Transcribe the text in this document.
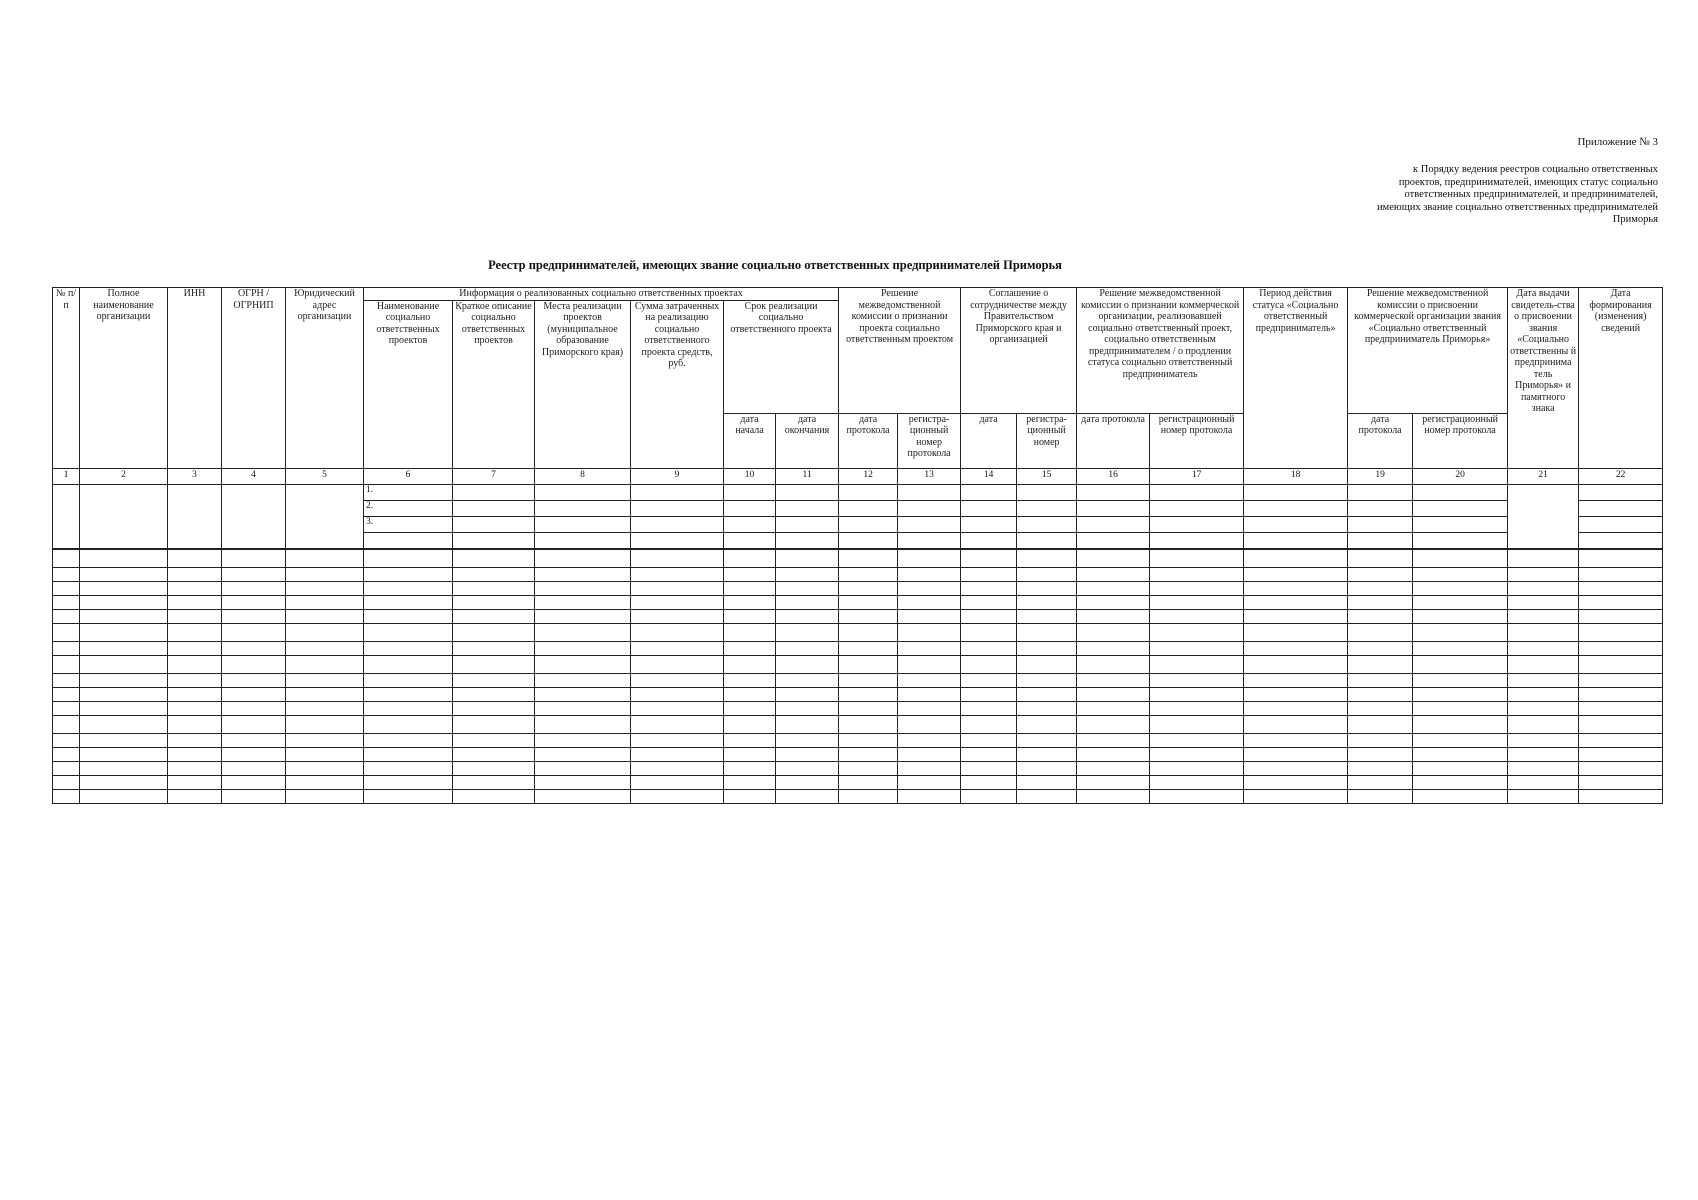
Приложение № 3
к Порядку ведения реестров социально ответственных
проектов, предпринимателей, имеющих статус социально
ответственных предпринимателей, и предпринимателей,
имеющих звание социально ответственных предпринимателей
Приморья
Реестр предпринимателей, имеющих звание социально ответственных предпринимателей Приморья
№ п/п	Полное наименование организации	ИНН	ОГРН / ОГРНИП	Юридический адрес организации	Информация о реализованных социально ответственных проектах						Решение межведомственной комиссии о признании проекта социально ответственным проектом		Соглашение о сотрудничестве между Правительством Приморского края и организацией		Решение межведомственной комиссии о признании коммерческой организации, реализовавшей социально ответственный проект, социально ответственным предпринимателем / о продлении статуса социально ответственный предприниматель		Период действия статуса «Социально ответственный предприниматель»	Решение межведомственной комиссии о присвоении коммерческой организации звания «Социально ответственный предприниматель Приморья»		Дата выдачи свидетель-ства о присвоении звания «Социально ответственны й предпринима тель Приморья» и памятного знака	Дата формирования (изменения) сведений
					Наименование социально ответственных проектов	Краткое описание социально ответственных проектов	Места реализации проектов (муниципальное образование Приморского края)	Сумма затраченных на реализацию социально ответственного проекта средств, руб.	Срок реализации социально ответственного проекта												
									дата начала	дата окончания	дата протокола	регистра-ционный номер протокола	дата	регистра-ционный номер	дата протокола	регистрационный номер протокола		дата протокола	регистрационный номер протокола		
1	2	3	4	5	6	7	8	9	10	11	12	13	14	15	16	17	18	19	20	21	22
					1.																
					2.																
					3.																
